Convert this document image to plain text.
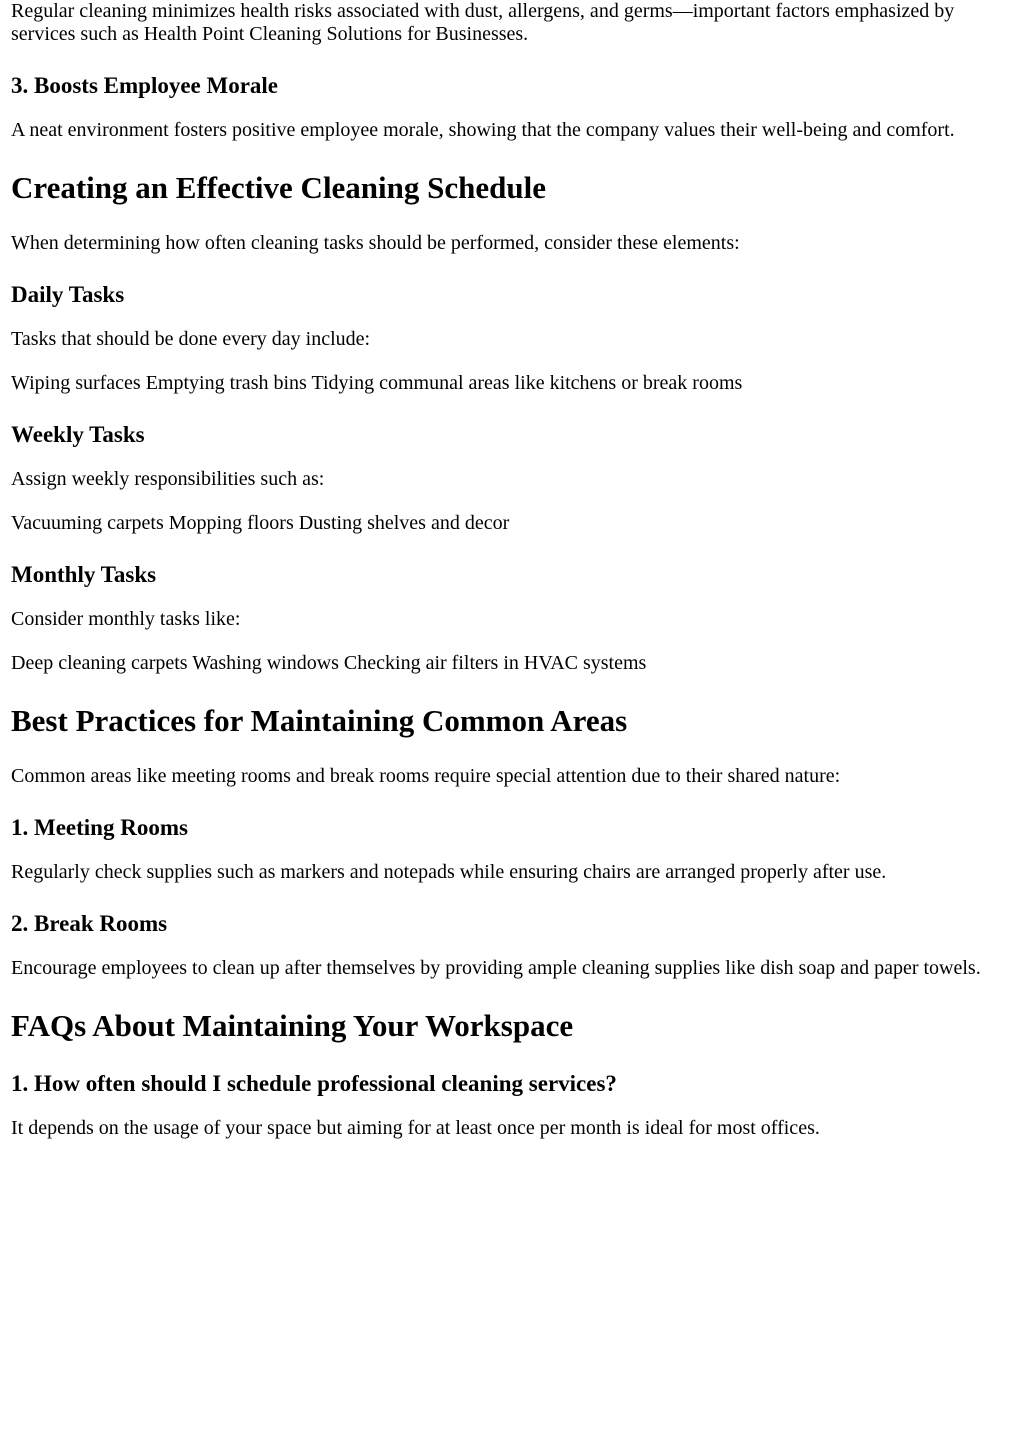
Regular cleaning minimizes health risks associated with dust, allergens, and germs—important factors emphasized by services such as Health Point Cleaning Solutions for Businesses.

3. Boosts Employee Morale

A neat environment fosters positive employee morale, showing that the company values their well-being and comfort.

Creating an Effective Cleaning Schedule

When determining how often cleaning tasks should be performed, consider these elements:

Daily Tasks

Tasks that should be done every day include:

Wiping surfaces Emptying trash bins Tidying communal areas like kitchens or break rooms

Weekly Tasks

Assign weekly responsibilities such as:

Vacuuming carpets Mopping floors Dusting shelves and decor

Monthly Tasks

Consider monthly tasks like:

Deep cleaning carpets Washing windows Checking air filters in HVAC systems

Best Practices for Maintaining Common Areas

Common areas like meeting rooms and break rooms require special attention due to their shared nature:

1. Meeting Rooms

Regularly check supplies such as markers and notepads while ensuring chairs are arranged properly after use.

2. Break Rooms

Encourage employees to clean up after themselves by providing ample cleaning supplies like dish soap and paper towels.

FAQs About Maintaining Your Workspace
1. How often should I schedule professional cleaning services?

It depends on the usage of your space but aiming for at least once per month is ideal for most offices.
